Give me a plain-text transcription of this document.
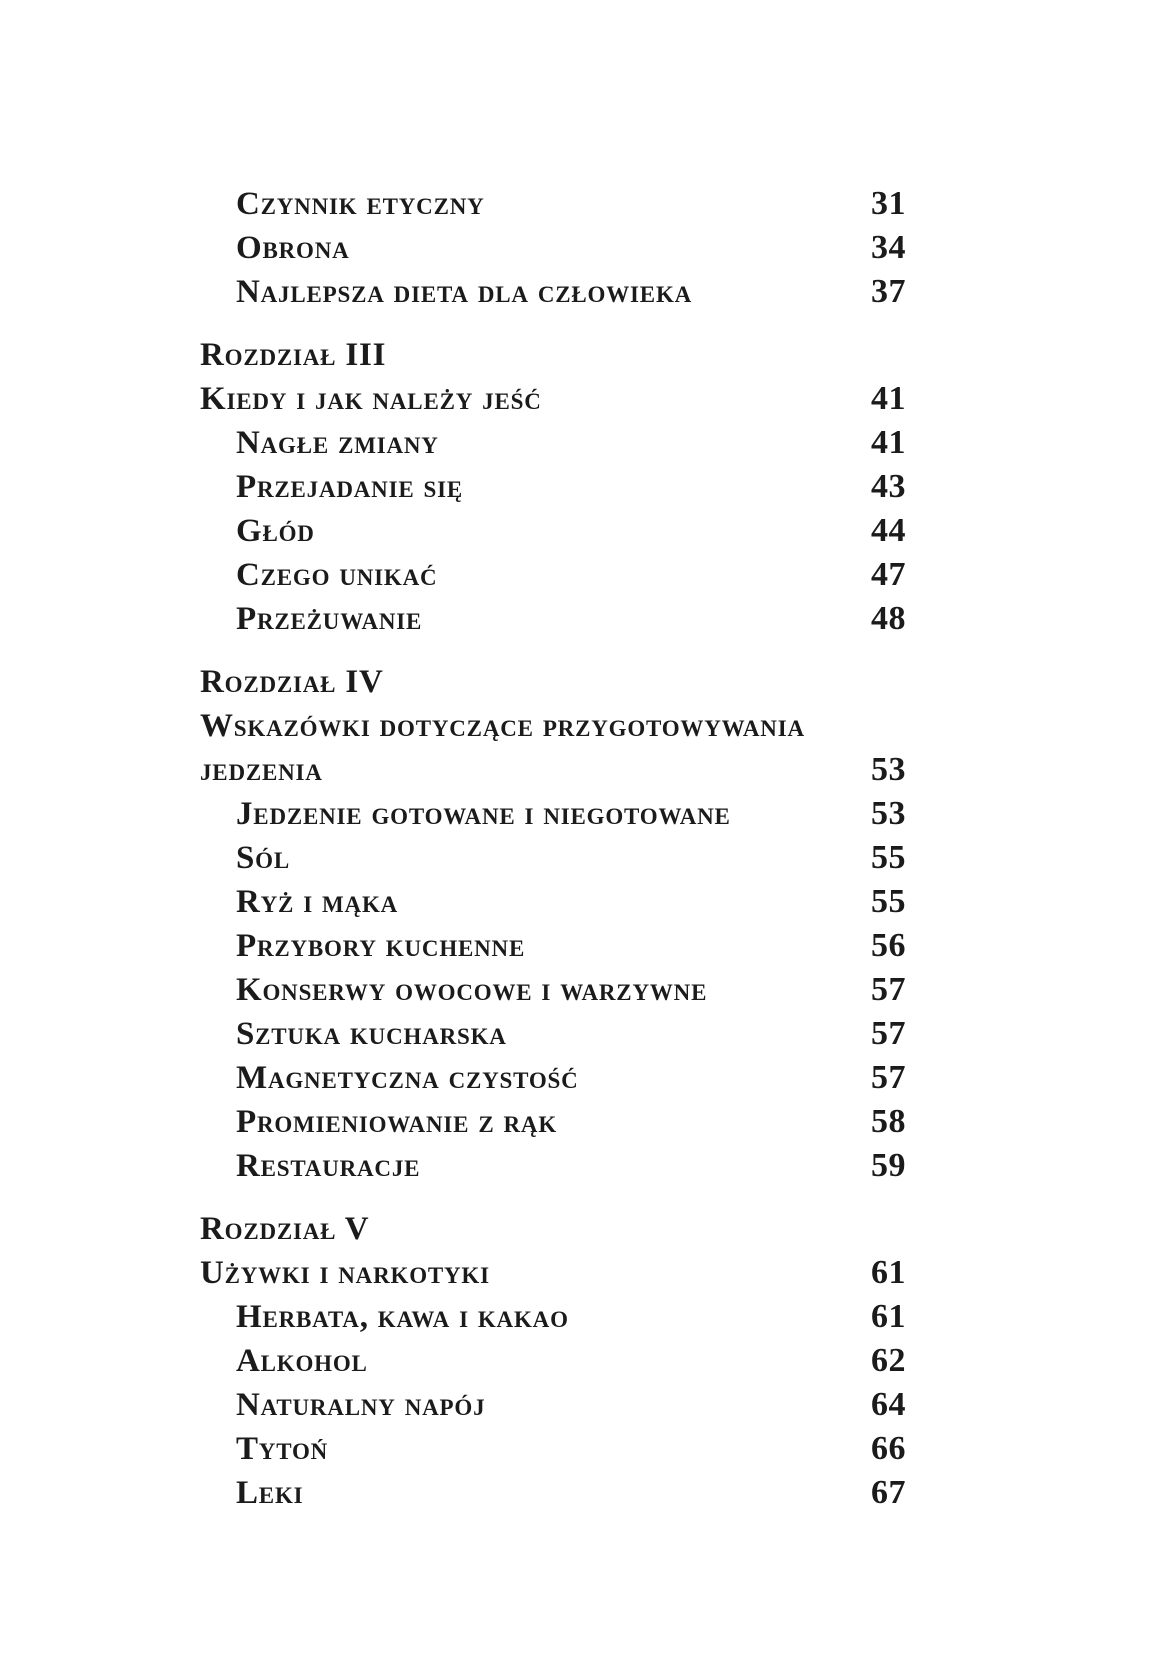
Czynnik etyczny	31
Obrona	34
Najlepsza dieta dla człowieka	37
Rozdział III
Kiedy i jak należy jeść	41
Nagłe zmiany	41
Przejadanie się	43
Głód	44
Czego unikać	47
Przeżuwanie	48
Rozdział IV
Wskazówki dotyczące przygotowywania
jedzenia	53
Jedzenie gotowane i niegotowane	53
Sól	55
Ryż i mąka	55
Przybory kuchenne	56
Konserwy owocowe i warzywne	57
Sztuka kucharska	57
Magnetyczna czystość	57
Promieniowanie z rąk	58
Restauracje	59
Rozdział V
Używki i narkotyki	61
Herbata, kawa i kakao	61
Alkohol	62
Naturalny napój	64
Tytoń	66
Leki	67
